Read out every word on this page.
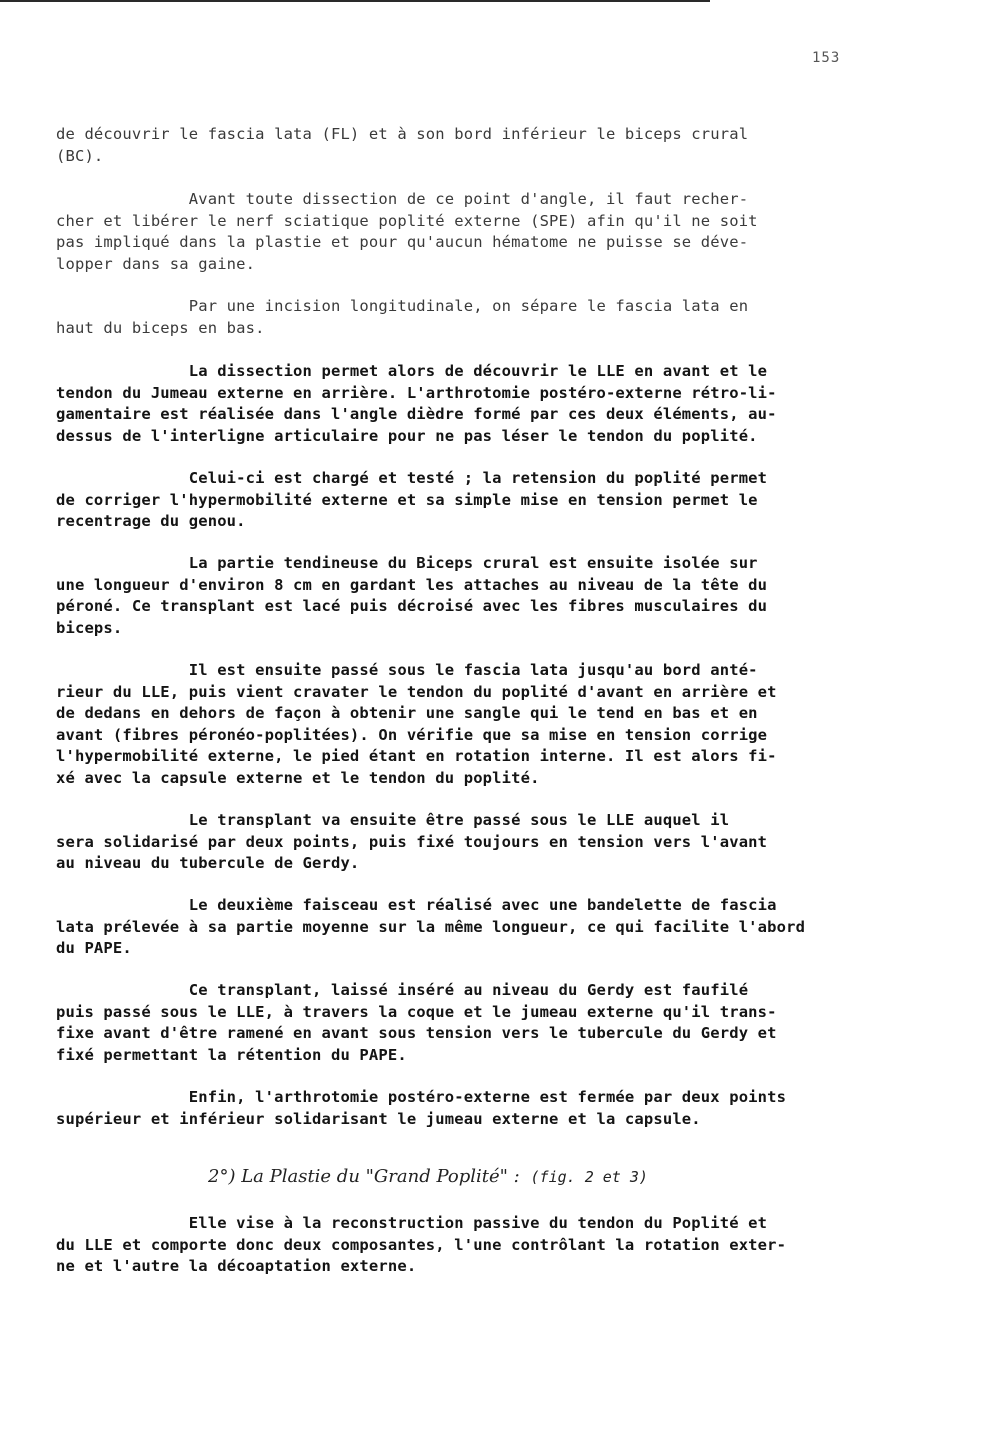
153

de découvrir le fascia lata (FL) et à son bord inférieur le biceps crural
(BC).

Avant toute dissection de ce point d'angle, il faut recher-
cher et libérer le nerf sciatique poplité externe (SPE) afin qu'il ne soit
pas impliqué dans la plastie et pour qu'aucun hématome ne puisse se déve-
lopper dans sa gaine.

Par une incision longitudinale, on sépare le fascia lata en
haut du biceps en bas.

La dissection permet alors de découvrir le LLE en avant et le
tendon du Jumeau externe en arrière. L'arthrotomie postéro-externe rétro-li-
gamentaire est réalisée dans l'angle dièdre formé par ces deux éléments, au-
dessus de l'interligne articulaire pour ne pas léser le tendon du poplité.

Celui-ci est chargé et testé ; la retension du poplité permet
de corriger l'hypermobilité externe et sa simple mise en tension permet le
recentrage du genou.

La partie tendineuse du Biceps crural est ensuite isolée sur
une longueur d'environ 8 cm en gardant les attaches au niveau de la tête du
péroné. Ce transplant est lacé puis décroisé avec les fibres musculaires du
biceps.

Il est ensuite passé sous le fascia lata jusqu'au bord anté-
rieur du LLE, puis vient cravater le tendon du poplité d'avant en arrière et
de dedans en dehors de façon à obtenir une sangle qui le tend en bas et en
avant (fibres péronéo-poplitées). On vérifie que sa mise en tension corrige
l'hypermobilité externe, le pied étant en rotation interne. Il est alors fi-
xé avec la capsule externe et le tendon du poplité.

Le transplant va ensuite être passé sous le LLE auquel il
sera solidarisé par deux points, puis fixé toujours en tension vers l'avant
au niveau du tubercule de Gerdy.

Le deuxième faisceau est réalisé avec une bandelette de fascia
lata prélevée à sa partie moyenne sur la même longueur, ce qui facilite l'abord
du PAPE.

Ce transplant, laissé inséré au niveau du Gerdy est faufilé
puis passé sous le LLE, à travers la coque et le jumeau externe qu'il trans-
fixe avant d'être ramené en avant sous tension vers le tubercule du Gerdy et
fixé permettant la rétention du PAPE.

Enfin, l'arthrotomie postéro-externe est fermée par deux points
supérieur et inférieur solidarisant le jumeau externe et la capsule.

2°) La Plastie du "Grand Poplité" : (fig. 2 et 3)

Elle vise à la reconstruction passive du tendon du Poplité et
du LLE et comporte donc deux composantes, l'une contrôlant la rotation exter-
ne et l'autre la décoaptation externe.
